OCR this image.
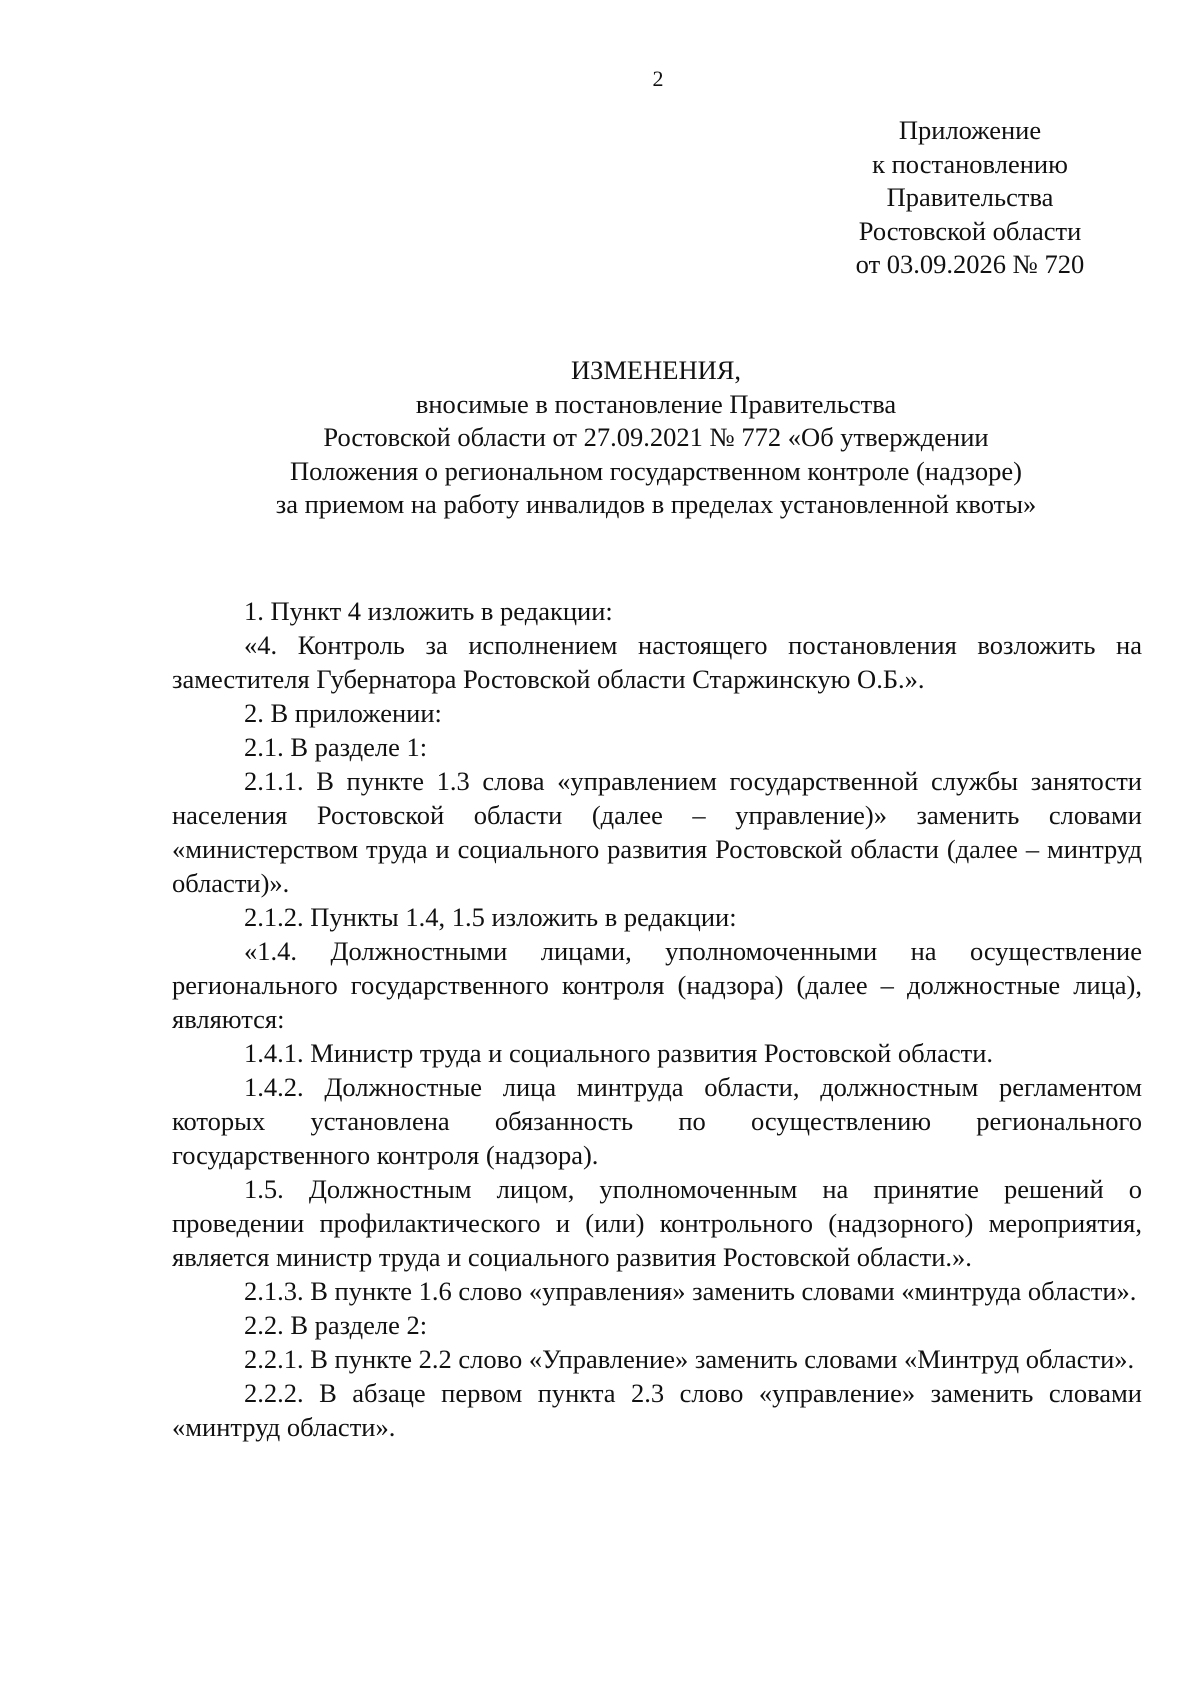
2
Приложение
к постановлению
Правительства
Ростовской области
от 03.09.2026 № 720
ИЗМЕНЕНИЯ,
вносимые в постановление Правительства
Ростовской области от 27.09.2021 № 772 «Об утверждении
Положения о региональном государственном контроле (надзоре)
за приемом на работу инвалидов в пределах установленной квоты»

1. Пункт 4 изложить в редакции:

«4. Контроль за исполнением настоящего постановления возложить на заместителя Губернатора Ростовской области Старжинскую О.Б.».

2. В приложении:

2.1. В разделе 1:

2.1.1. В пункте 1.3 слова «управлением государственной службы занятости населения Ростовской области (далее – управление)» заменить словами «министерством труда и социального развития Ростовской области (далее – минтруд области)».

2.1.2. Пункты 1.4, 1.5 изложить в редакции:

«1.4. Должностными лицами, уполномоченными на осуществление регионального государственного контроля (надзора) (далее – должностные лица), являются:

1.4.1. Министр труда и социального развития Ростовской области.

1.4.2. Должностные лица минтруда области, должностным регламентом которых установлена обязанность по осуществлению регионального государственного контроля (надзора).

1.5. Должностным лицом, уполномоченным на принятие решений о проведении профилактического и (или) контрольного (надзорного) мероприятия, является министр труда и социального развития Ростовской области.».

2.1.3. В пункте 1.6 слово «управления» заменить словами «минтруда области».

2.2. В разделе 2:

2.2.1. В пункте 2.2 слово «Управление» заменить словами «Минтруд области».

2.2.2. В абзаце первом пункта 2.3 слово «управление» заменить словами «минтруд области».
